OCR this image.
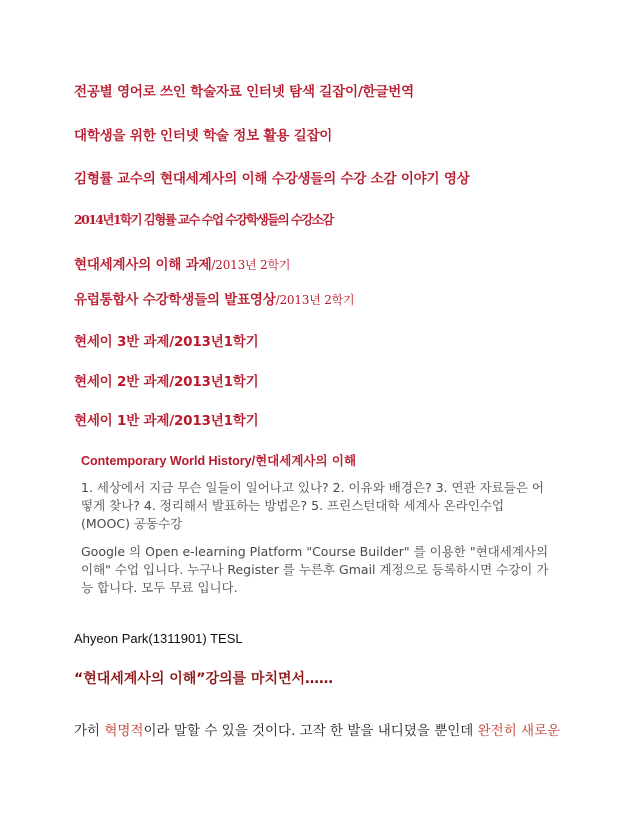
전공별 영어로 쓰인 학술자료 인터넷 탐색 길잡이/한글번역
대학생을 위한 인터넷 학술 정보 활용 길잡이
김형률 교수의 현대세계사의 이해 수강생들의 수강 소감 이야기 영상
2014년1학기 김형률 교수 수업 수강학생들의 수강소감
현대세계사의 이해 과제/2013년 2학기
유럽통합사 수강학생들의 발표영상/2013년 2학기
현세이 3반 과제/2013년1학기
현세이 2반 과제/2013년1학기
현세이 1반 과제/2013년1학기
Contemporary World History/현대세계사의 이해
1. 세상에서 지금 무슨 일들이 일어나고 있나? 2. 이유와 배경은? 3. 연관 자료들은 어떻게 찾나? 4. 정리해서 발표하는 방법은? 5. 프린스턴대학 세계사 온라인수업(MOOC) 공동수강
Google 의 Open e-learning Platform "Course Builder" 를 이용한 "현대세계사의 이해" 수업 입니다. 누구나 Register 를 누른후 Gmail 계정으로 등록하시면 수강이 가능 합니다. 모두 무료 입니다.
Ahyeon Park(1311901) TESL
“현대세계사의 이해”강의를 마치면서……
가히 혁명적이라 말할 수 있을 것이다. 고작 한 발을 내디뎠을 뿐인데 완전히 새로운
